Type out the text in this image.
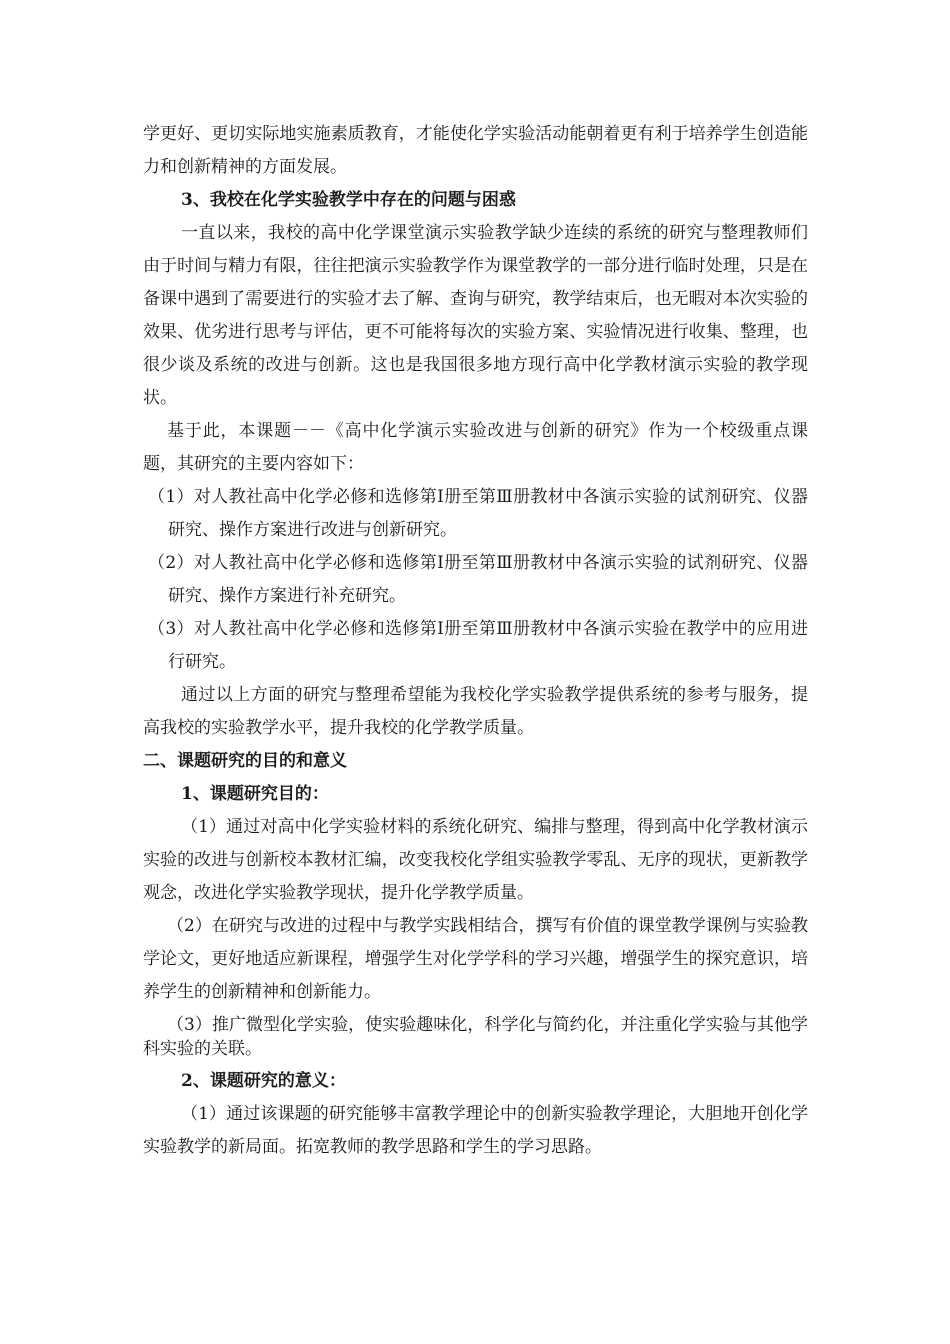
学更好、更切实际地实施素质教育，才能使化学实验活动能朝着更有利于培养学生创造能力和创新精神的方面发展。

3、我校在化学实验教学中存在的问题与困惑

一直以来，我校的高中化学课堂演示实验教学缺少连续的系统的研究与整理教师们由于时间与精力有限，往往把演示实验教学作为课堂教学的一部分进行临时处理，只是在备课中遇到了需要进行的实验才去了解、查询与研究，教学结束后，也无暇对本次实验的效果、优劣进行思考与评估，更不可能将每次的实验方案、实验情况进行收集、整理，也很少谈及系统的改进与创新。这也是我国很多地方现行高中化学教材演示实验的教学现状。

基于此，本课题－－《高中化学演示实验改进与创新的研究》作为一个校级重点课题，其研究的主要内容如下：

（1）对人教社高中化学必修和选修第Ⅰ册至第Ⅲ册教材中各演示实验的试剂研究、仪器研究、操作方案进行改进与创新研究。

（2）对人教社高中化学必修和选修第Ⅰ册至第Ⅲ册教材中各演示实验的试剂研究、仪器研究、操作方案进行补充研究。

（3）对人教社高中化学必修和选修第Ⅰ册至第Ⅲ册教材中各演示实验在教学中的应用进行研究。

通过以上方面的研究与整理希望能为我校化学实验教学提供系统的参考与服务，提高我校的实验教学水平，提升我校的化学教学质量。

二、课题研究的目的和意义

1、课题研究目的：

（1）通过对高中化学实验材料的系统化研究、编排与整理，得到高中化学教材演示实验的改进与创新校本教材汇编，改变我校化学组实验教学零乱、无序的现状，更新教学观念，改进化学实验教学现状，提升化学教学质量。

（2）在研究与改进的过程中与教学实践相结合，撰写有价值的课堂教学课例与实验教学论文，更好地适应新课程，增强学生对化学学科的学习兴趣，增强学生的探究意识，培养学生的创新精神和创新能力。

（3）推广微型化学实验，使实验趣味化，科学化与简约化，并注重化学实验与其他学科实验的关联。

2、课题研究的意义：

（1）通过该课题的研究能够丰富教学理论中的创新实验教学理论，大胆地开创化学实验教学的新局面。拓宽教师的教学思路和学生的学习思路。
